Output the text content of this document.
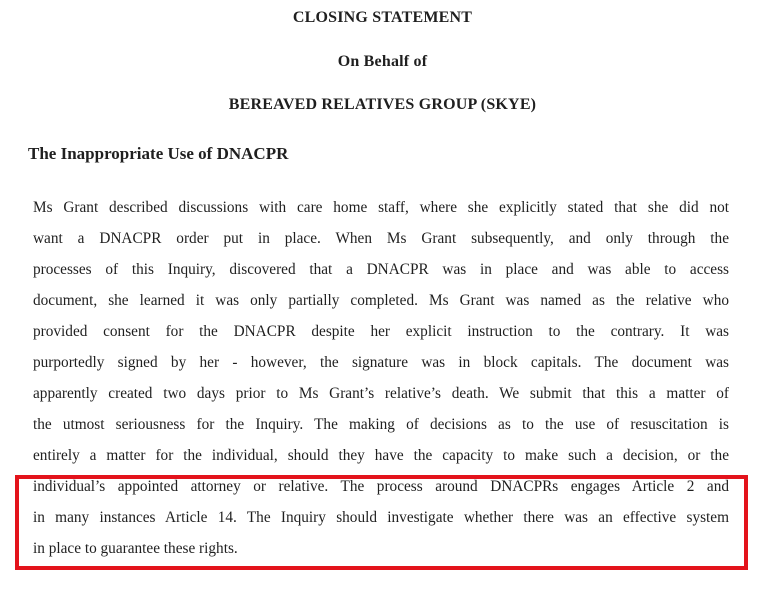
CLOSING STATEMENT
On Behalf of
BEREAVED RELATIVES GROUP (SKYE)
The Inappropriate Use of DNACPR
Ms Grant described discussions with care home staff, where she explicitly stated that she did not
want a DNACPR order put in place. When Ms Grant subsequently, and only through the
processes of this Inquiry, discovered that a DNACPR was in place and was able to access
document, she learned it was only partially completed. Ms Grant was named as the relative who
provided consent for the DNACPR despite her explicit instruction to the contrary. It was
purportedly signed by her - however, the signature was in block capitals. The document was
apparently created two days prior to Ms Grant’s relative’s death. We submit that this a matter of
the utmost seriousness for the Inquiry. The making of decisions as to the use of resuscitation is
entirely a matter for the individual, should they have the capacity to make such a decision, or the
individual’s appointed attorney or relative. The process around DNACPRs engages Article 2 and
in many instances Article 14. The Inquiry should investigate whether there was an effective system
in place to guarantee these rights.
